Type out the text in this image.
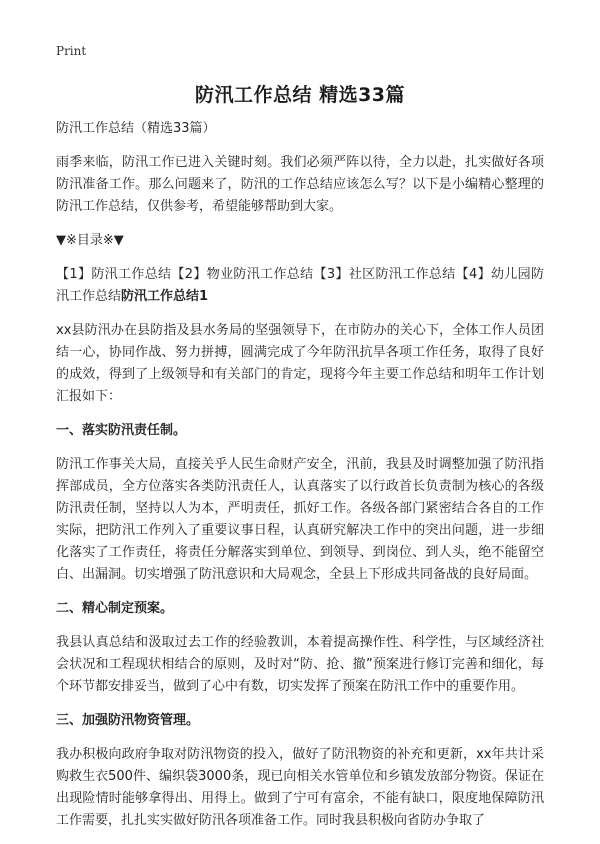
Print
防汛工作总结 精选33篇

防汛工作总结（精选33篇）

雨季来临，防汛工作已进入关键时刻。我们必须严阵以待，全力以赴，扎实做好各项防汛准备工作。那么问题来了，防汛的工作总结应该怎么写？以下是小编精心整理的防汛工作总结，仅供参考，希望能够帮助到大家。

▼※目录※▼

【1】防汛工作总结【2】物业防汛工作总结【3】社区防汛工作总结【4】幼儿园防汛工作总结防汛工作总结1

xx县防汛办在县防指及县水务局的坚强领导下，在市防办的关心下，全体工作人员团结一心，协同作战、努力拼搏，圆满完成了今年防汛抗旱各项工作任务，取得了良好的成效，得到了上级领导和有关部门的肯定，现将今年主要工作总结和明年工作计划汇报如下：

一、落实防汛责任制。

防汛工作事关大局，直接关乎人民生命财产安全，汛前，我县及时调整加强了防汛指挥部成员，全方位落实各类防汛责任人，认真落实了以行政首长负责制为核心的各级防汛责任制，坚持以人为本，严明责任，抓好工作。各级各部门紧密结合各自的工作实际，把防汛工作列入了重要议事日程，认真研究解决工作中的突出问题，进一步细化落实了工作责任，将责任分解落实到单位、到领导、到岗位、到人头，绝不能留空白、出漏洞。切实增强了防汛意识和大局观念，全县上下形成共同备战的良好局面。

二、精心制定预案。

我县认真总结和汲取过去工作的经验教训，本着提高操作性、科学性，与区域经济社会状况和工程现状相结合的原则，及时对“防、抢、撤”预案进行修订完善和细化，每个环节都安排妥当，做到了心中有数，切实发挥了预案在防汛工作中的重要作用。

三、加强防汛物资管理。

我办积极向政府争取对防汛物资的投入，做好了防汛物资的补充和更新，xx年共计采购救生衣500件、编织袋3000条，现已向相关水管单位和乡镇发放部分物资。保证在出现险情时能够拿得出、用得上。做到了宁可有富余，不能有缺口，限度地保障防汛工作需要，扎扎实实做好防汛各项准备工作。同时我县积极向省防办争取了
